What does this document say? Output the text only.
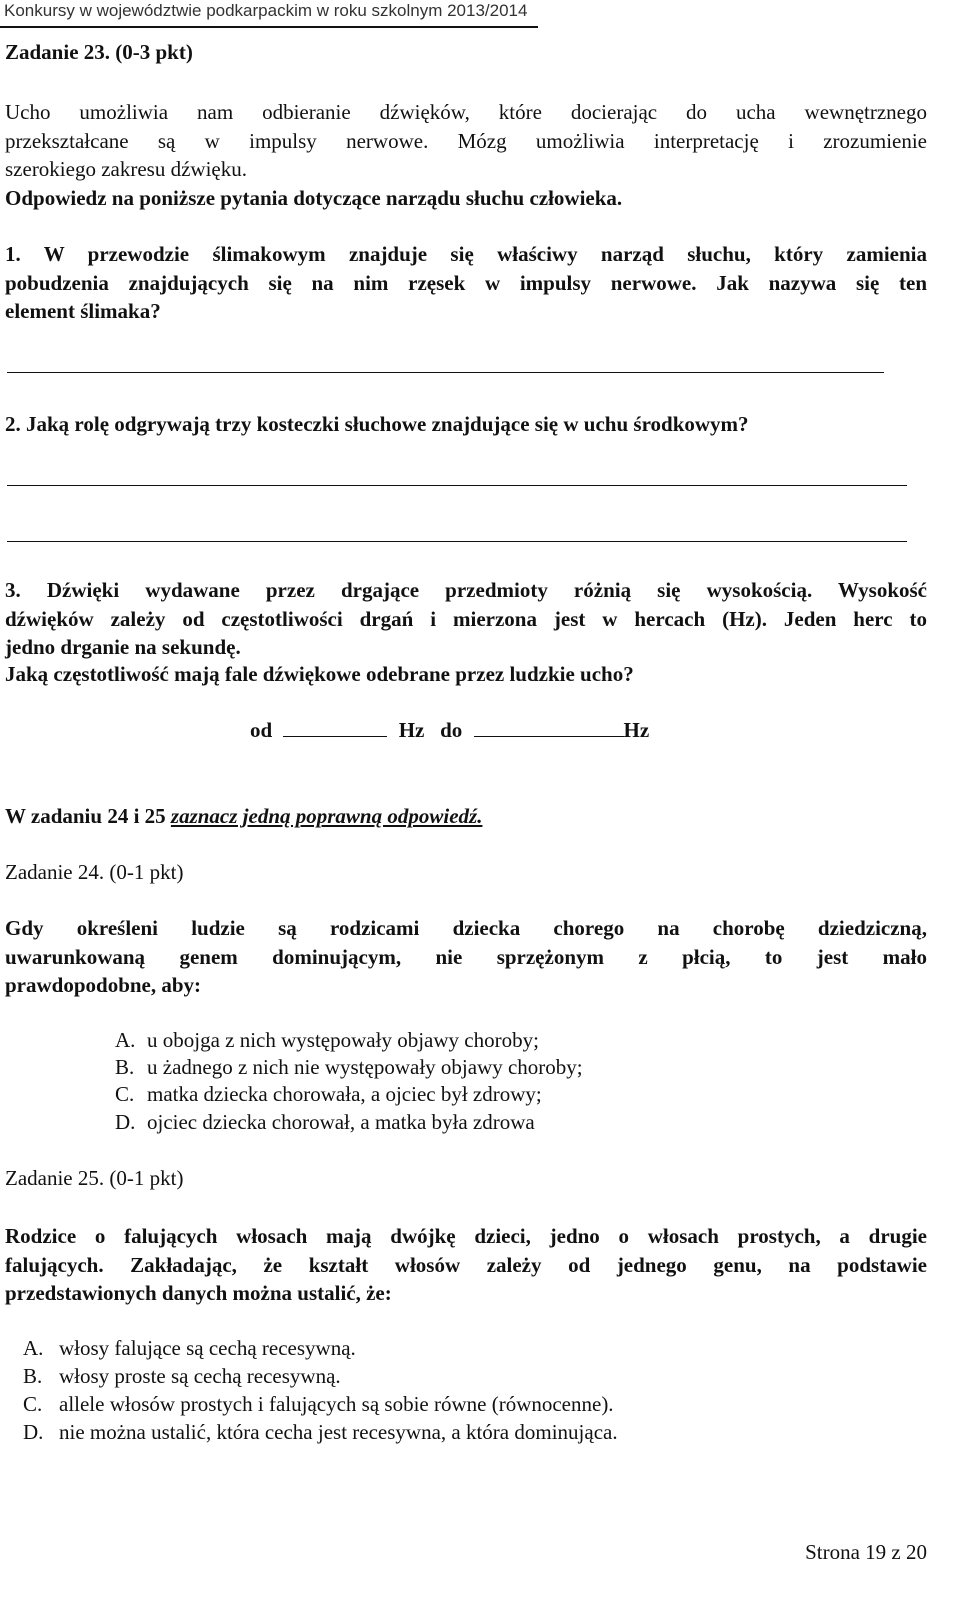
Konkursy w województwie podkarpackim w roku szkolnym 2013/2014
Zadanie 23. (0-3 pkt)
Ucho umożliwia nam odbieranie dźwięków, które docierając do ucha wewnętrznego
przekształcane są w impulsy nerwowe. Mózg umożliwia interpretację i zrozumienie
szerokiego zakresu dźwięku.
Odpowiedz na poniższe pytania dotyczące narządu słuchu człowieka.
1. W przewodzie ślimakowym znajduje się właściwy narząd słuchu, który zamienia
pobudzenia znajdujących się na nim rzęsek w impulsy nerwowe. Jak nazywa się ten
element ślimaka?
2. Jaką rolę odgrywają trzy kosteczki słuchowe znajdujące się w uchu środkowym?
3. Dźwięki wydawane przez drgające przedmioty różnią się wysokością. Wysokość
dźwięków zależy od częstotliwości drgań i mierzona jest w hercach (Hz). Jeden herc to
jedno drganie na sekundę.
Jaką częstotliwość mają fale dźwiękowe odebrane przez ludzkie ucho?
od	Hz do	Hz
W zadaniu 24 i 25 zaznacz jedną poprawną odpowiedź.
Zadanie 24. (0-1 pkt)
Gdy określeni ludzie są rodzicami dziecka chorego na chorobę dziedziczną,
uwarunkowaną genem dominującym, nie sprzężonym z płcią, to jest mało
prawdopodobne, aby:
A. u obojga z nich występowały objawy choroby;
B. u żadnego z nich nie występowały objawy choroby;
C. matka dziecka chorowała, a ojciec był zdrowy;
D. ojciec dziecka chorował, a matka była zdrowa
Zadanie 25. (0-1 pkt)
Rodzice o falujących włosach mają dwójkę dzieci, jedno o włosach prostych, a drugie
falujących. Zakładając, że kształt włosów zależy od jednego genu, na podstawie
przedstawionych danych można ustalić, że:
A. włosy falujące są cechą recesywną.
B. włosy proste są cechą recesywną.
C. allele włosów prostych i falujących są sobie równe (równocenne).
D. nie można ustalić, która cecha jest recesywna, a która dominująca.
Strona 19 z 20
